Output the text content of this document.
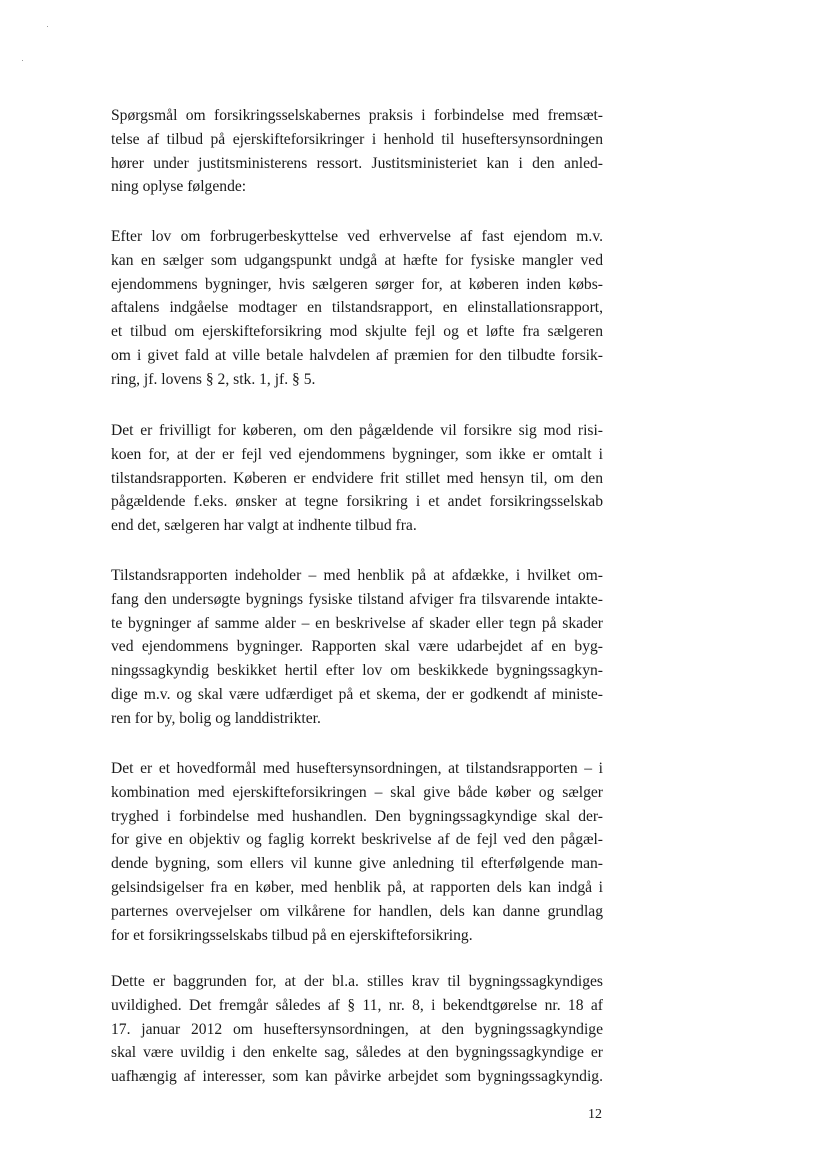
Spørgsmål om forsikringsselskabernes praksis i forbindelse med fremsæt-
telse af tilbud på ejerskifteforsikringer i henhold til huseftersynsordningen
hører under justitsministerens ressort. Justitsministeriet kan i den anled-
ning oplyse følgende:

Efter lov om forbrugerbeskyttelse ved erhvervelse af fast ejendom m.v.
kan en sælger som udgangspunkt undgå at hæfte for fysiske mangler ved
ejendommens bygninger, hvis sælgeren sørger for, at køberen inden købs-
aftalens indgåelse modtager en tilstandsrapport, en elinstallationsrapport,
et tilbud om ejerskifteforsikring mod skjulte fejl og et løfte fra sælgeren
om i givet fald at ville betale halvdelen af præmien for den tilbudte forsik-
ring, jf. lovens § 2, stk. 1, jf. § 5.

Det er frivilligt for køberen, om den pågældende vil forsikre sig mod risi-
koen for, at der er fejl ved ejendommens bygninger, som ikke er omtalt i
tilstandsrapporten. Køberen er endvidere frit stillet med hensyn til, om den
pågældende f.eks. ønsker at tegne forsikring i et andet forsikringsselskab
end det, sælgeren har valgt at indhente tilbud fra.

Tilstandsrapporten indeholder – med henblik på at afdække, i hvilket om-
fang den undersøgte bygnings fysiske tilstand afviger fra tilsvarende intakte-
te bygninger af samme alder – en beskrivelse af skader eller tegn på skader
ved ejendommens bygninger. Rapporten skal være udarbejdet af en byg-
ningssagkyndig beskikket hertil efter lov om beskikkede bygningssagkyn-
dige m.v. og skal være udfærdiget på et skema, der er godkendt af ministe-
ren for by, bolig og landdistrikter.

Det er et hovedformål med huseftersynsordningen, at tilstandsrapporten – i
kombination med ejerskifteforsikringen – skal give både køber og sælger
tryghed i forbindelse med hushandlen. Den bygningssagkyndige skal der-
for give en objektiv og faglig korrekt beskrivelse af de fejl ved den pågæl-
dende bygning, som ellers vil kunne give anledning til efterfølgende man-
gelsindsigelser fra en køber, med henblik på, at rapporten dels kan indgå i
parternes overvejelser om vilkårene for handlen, dels kan danne grundlag
for et forsikringsselskabs tilbud på en ejerskifteforsikring.

Dette er baggrunden for, at der bl.a. stilles krav til bygningssagkyndiges
uvildighed. Det fremgår således af § 11, nr. 8, i bekendtgørelse nr. 18 af
17. januar 2012 om huseftersynsordningen, at den bygningssagkyndige
skal være uvildig i den enkelte sag, således at den bygningssagkyndige er
uafhængig af interesser, som kan påvirke arbejdet som bygningssagkyndig.

12
